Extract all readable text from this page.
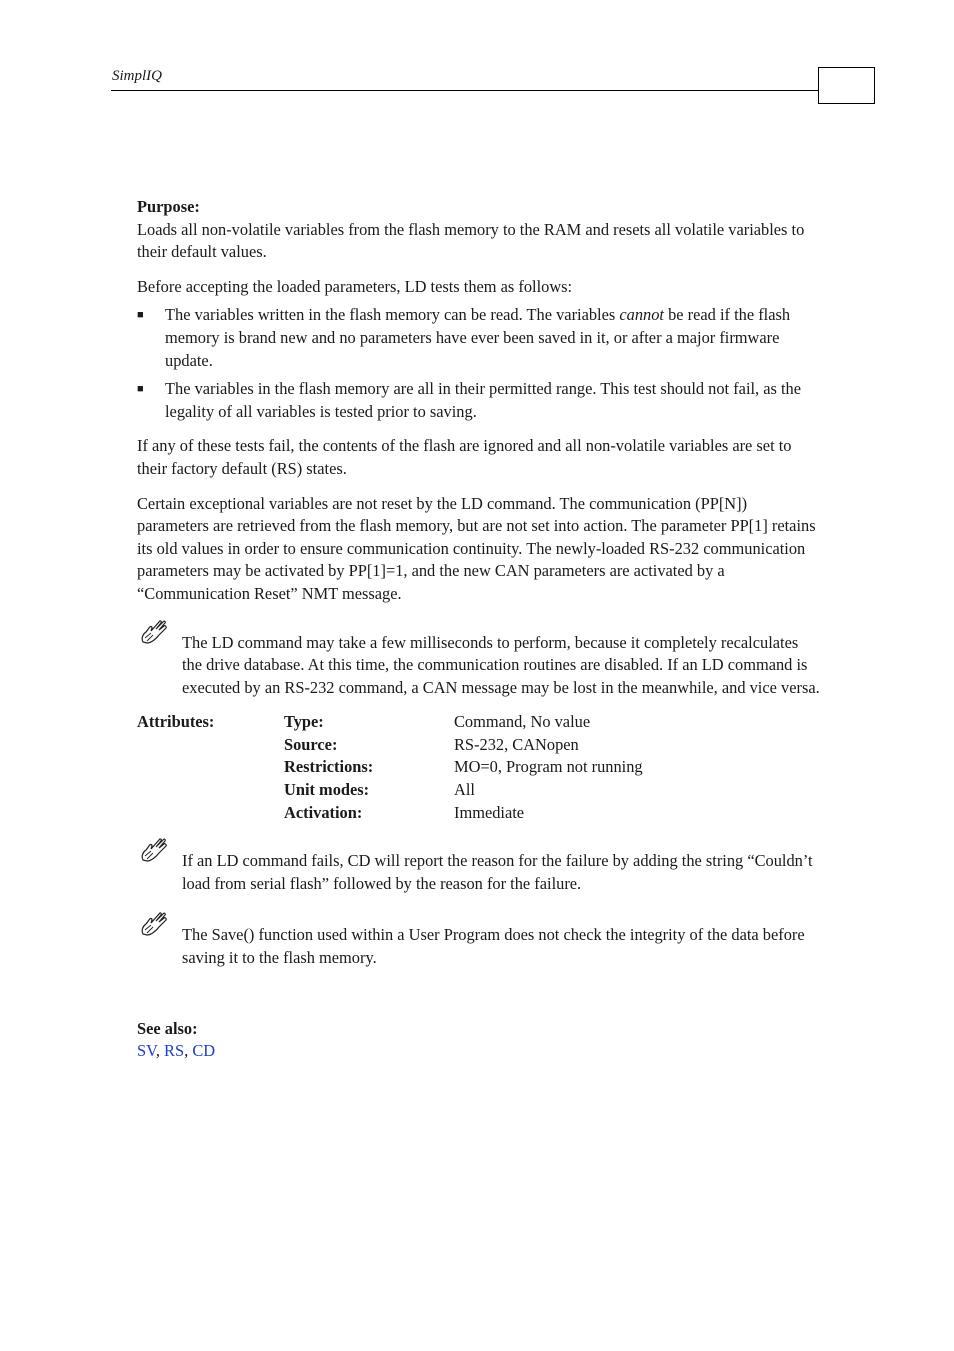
SimplIQ

Purpose:

Loads all non-volatile variables from the flash memory to the RAM and resets all volatile variables to their default values.

Before accepting the loaded parameters, LD tests them as follows:

■ The variables written in the flash memory can be read. The variables cannot be read if the flash memory is brand new and no parameters have ever been saved in it, or after a major firmware update.
■ The variables in the flash memory are all in their permitted range. This test should not fail, as the legality of all variables is tested prior to saving.

If any of these tests fail, the contents of the flash are ignored and all non-volatile variables are set to their factory default (RS) states.

Certain exceptional variables are not reset by the LD command. The communication (PP[N]) parameters are retrieved from the flash memory, but are not set into action. The parameter PP[1] retains its old values in order to ensure communication continuity. The newly-loaded RS-232 communication parameters may be activated by PP[1]=1, and the new CAN parameters are activated by a “Communication Reset” NMT message.

The LD command may take a few milliseconds to perform, because it completely recalculates the drive database. At this time, the communication routines are disabled. If an LD command is executed by an RS-232 command, a CAN message may be lost in the meanwhile, and vice versa.

Attributes:	Type:	Command, No value
	Source:	RS-232, CANopen
	Restrictions:	MO=0, Program not running
	Unit modes:	All
	Activation:	Immediate

If an LD command fails, CD will report the reason for the failure by adding the string “Couldn’t load from serial flash” followed by the reason for the failure.

The Save() function used within a User Program does not check the integrity of the data before saving it to the flash memory.

See also:

SV, RS, CD
